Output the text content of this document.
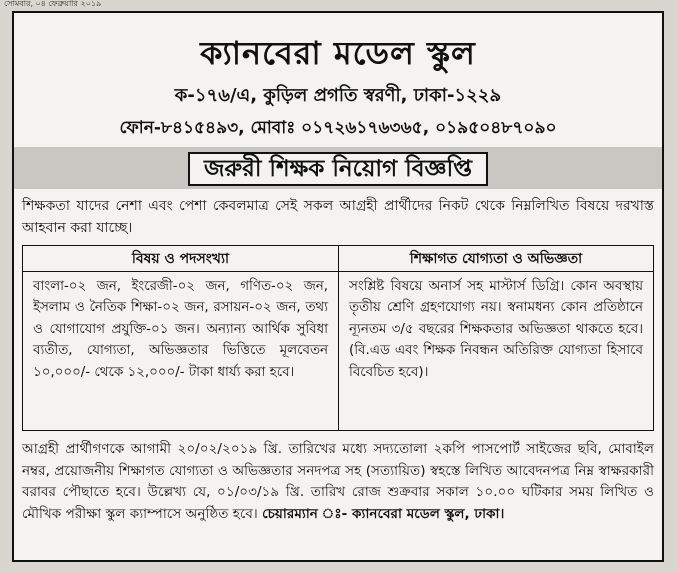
সোমবার, ০৪ ফেব্রুয়ারি ২০১৯
ক্যানবেরা মডেল স্কুল
ক-১৭৬/এ, কুড়িল প্রগতি স্বরণী, ঢাকা-১২২৯
ফোন-৮৪১৫৪৯৩, মোবাঃ ০১৭২৬১৭৬৩৬৫, ০১৯৫০৪৮৭০৯০
জরুরী শিক্ষক নিয়োগ বিজ্ঞপ্তি
শিক্ষকতা যাদের নেশা এবং পেশা কেবলমাত্র সেই সকল আগ্রহী প্রার্থীদের নিকট থেকে নিম্নলিখিত বিষয়ে দরখাস্ত আহবান করা যাচ্ছে।
বিষয় ও পদসংখ্যা
বাংলা-০২ জন, ইংরেজী-০২ জন, গণিত-০২ জন, ইসলাম ও নৈতিক শিক্ষা-০২ জন, রসায়ন-০২ জন, তথ্য ও যোগাযোগ প্রযুক্তি-০১ জন। অন্যান্য আর্থিক সুবিধা ব্যতীত, যোগ্যতা, অভিজ্ঞতার ভিত্তিতে মূলবেতন ১০,০০০/- থেকে ১২,০০০/- টাকা ধার্য্য করা হবে।
শিক্ষাগত যোগ্যতা ও অভিজ্ঞতা
সংশ্লিষ্ট বিষয়ে অনার্স সহ মাস্টার্স ডিগ্রি। কোন অবস্থায় তৃতীয় শ্রেণি গ্রহণযোগ্য নয়। স্বনামধন্য কোন প্রতিষ্ঠানে ন্যূনতম ৩/৫ বছরের শিক্ষকতার অভিজ্ঞতা থাকতে হবে। (বি.এড এবং শিক্ষক নিবন্ধন অতিরিক্ত যোগ্যতা হিসাবে বিবেচিত হবে)।
আগ্রহী প্রার্থীগণকে আগামী ২০/০২/২০১৯ খ্রি. তারিখের মধ্যে সদ্যতোলা ২কপি পাসপোর্ট সাইজের ছবি, মোবাইল নম্বর, প্রয়োজনীয় শিক্ষাগত যোগ্যতা ও অভিজ্ঞতার সনদপত্র সহ (সত্যায়িত) স্বহস্তে লিখিত আবেদনপত্র নিম্ন স্বাক্ষরকারী বরাবর পৌছাতে হবে। উল্লেখ্য যে, ০১/০৩/১৯ খ্রি. তারিখ রোজ শুক্রবার সকাল ১০.০০ ঘটিকার সময় লিখিত ও মৌখিক পরীক্ষা স্কুল ক্যাম্পাসে অনুষ্ঠিত হবে। চেয়ারম্যান ঃ- ক্যানবেরা মডেল স্কুল, ঢাকা।
